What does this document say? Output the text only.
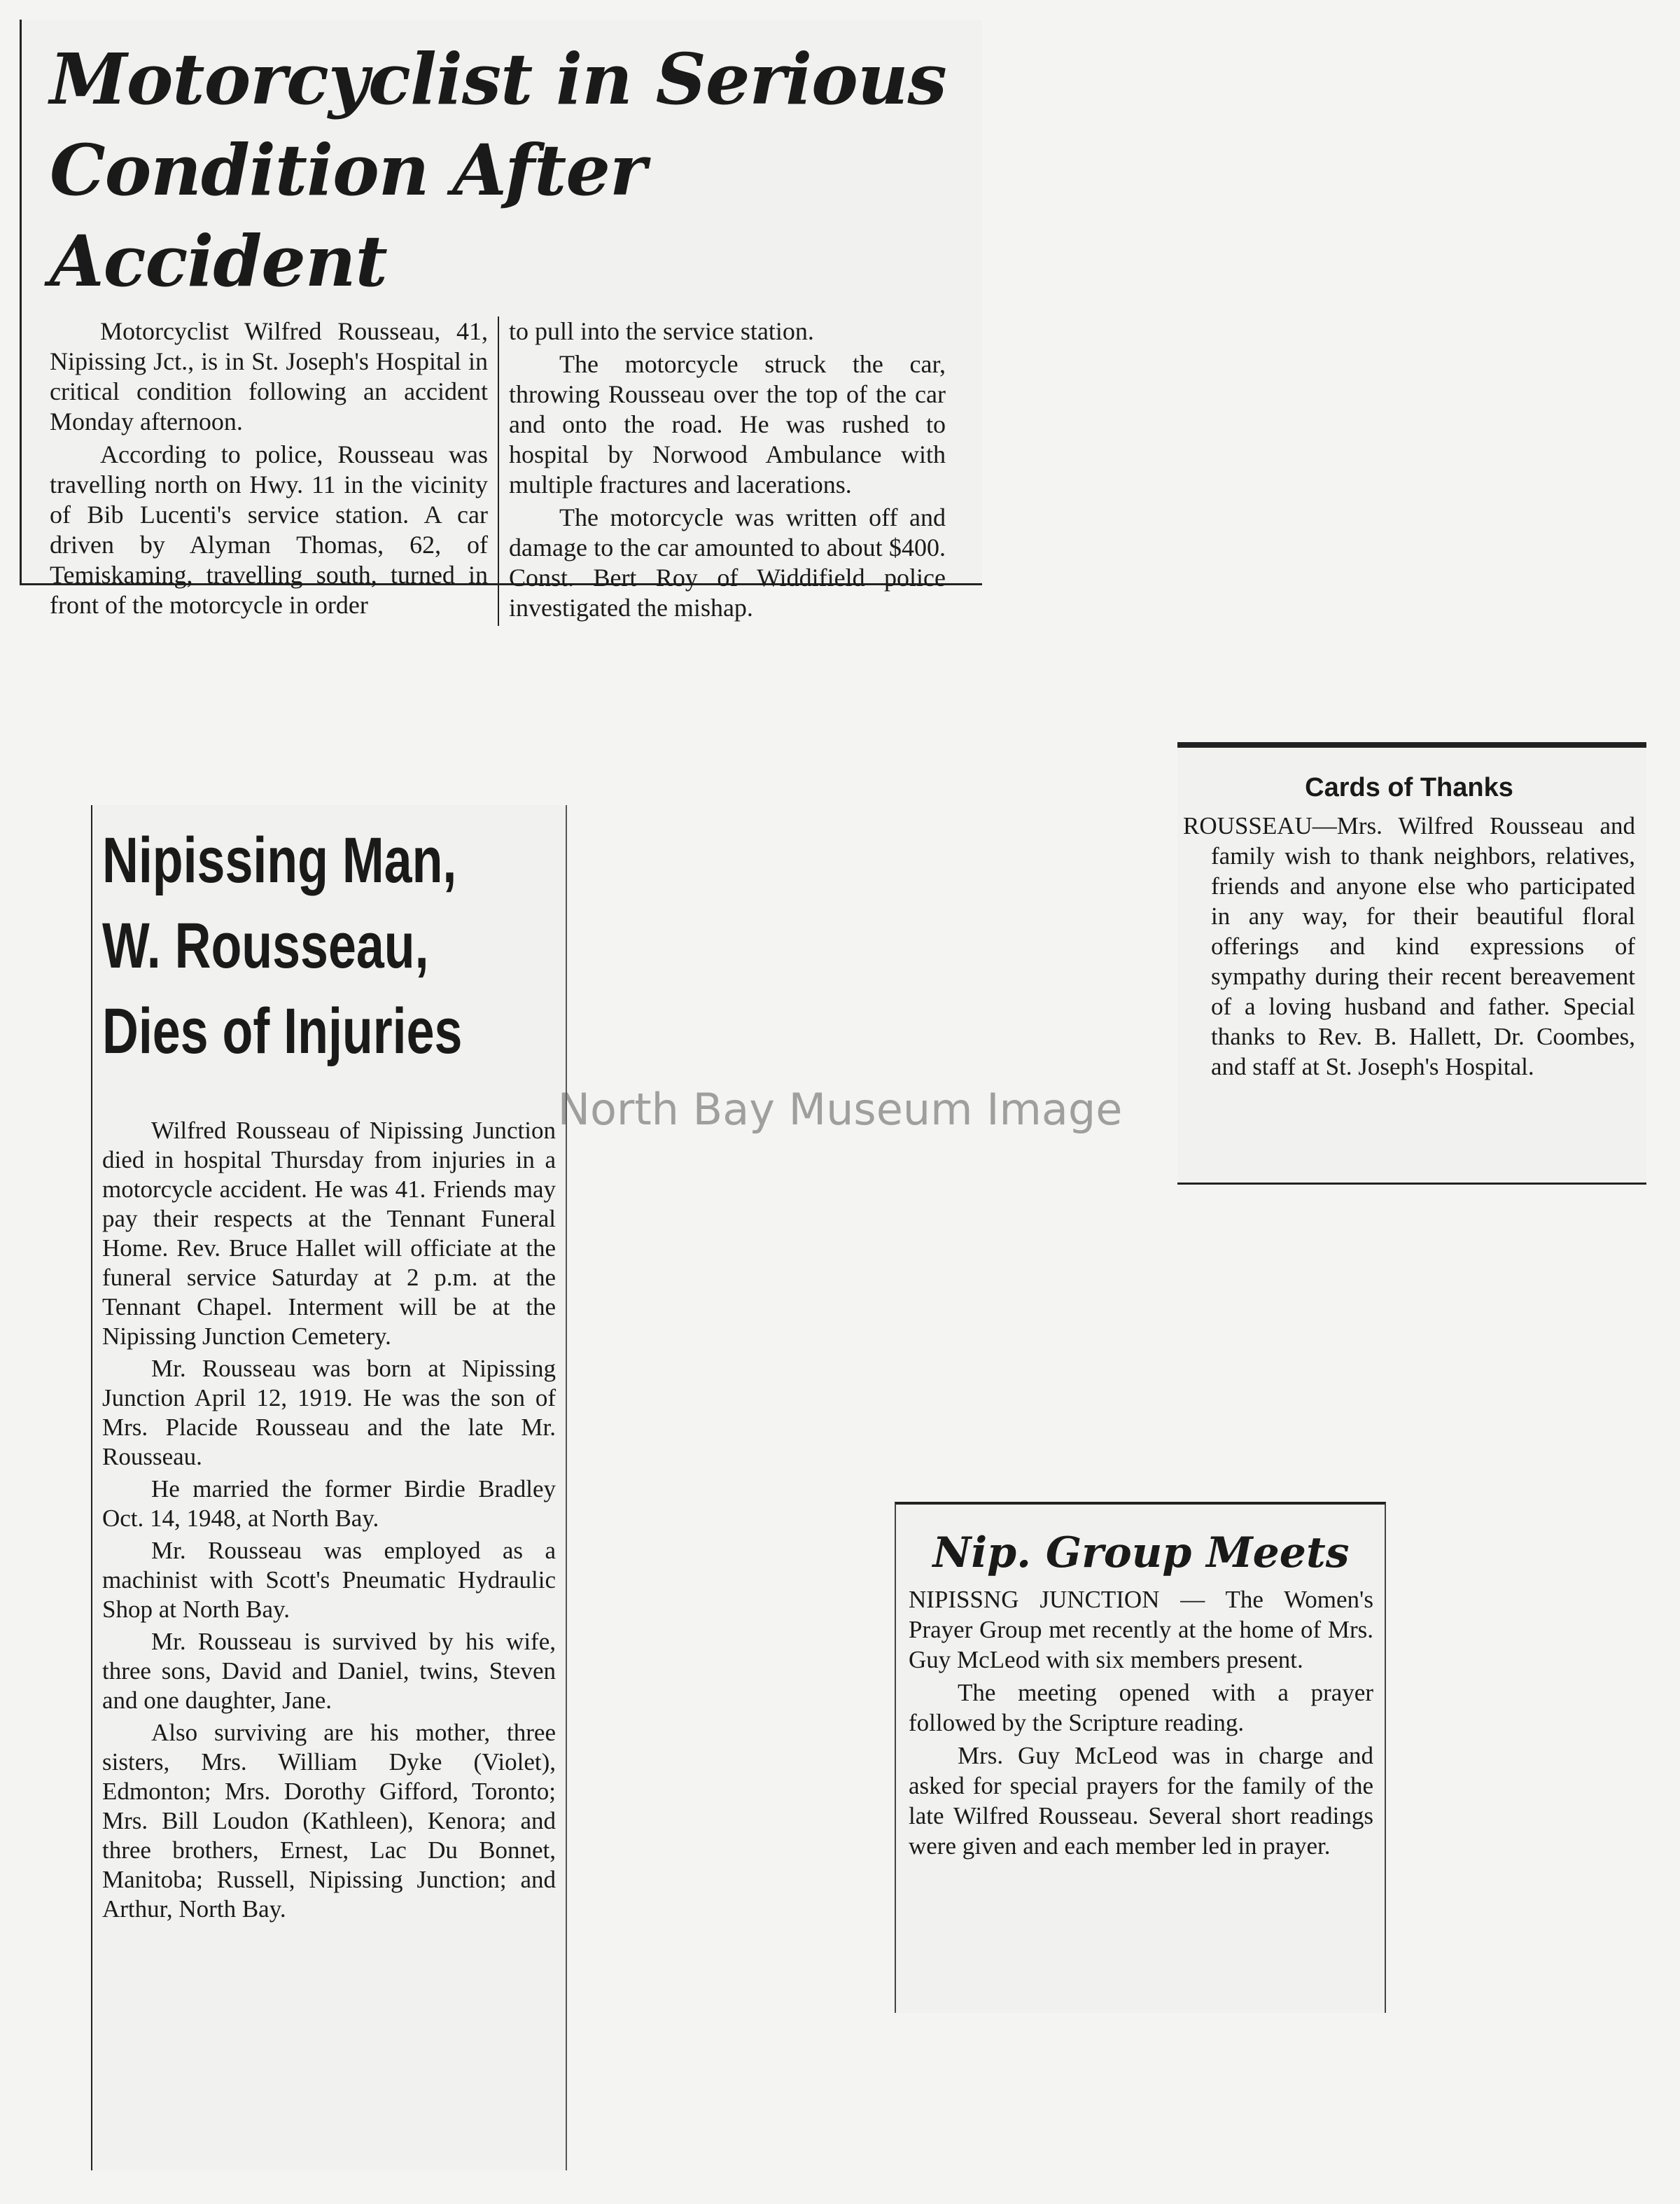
Motorcyclist in Serious
Condition After Accident

Motorcyclist Wilfred Rousseau, 41, Nipissing Jct., is in St. Joseph's Hospital in critical condition following an accident Monday afternoon.

According to police, Rousseau was travelling north on Hwy. 11 in the vicinity of Bib Lucenti's service station. A car driven by Alyman Thomas, 62, of Temiskaming, travelling south, turned in front of the motorcycle in order

to pull into the service station.

The motorcycle struck the car, throwing Rousseau over the top of the car and onto the road. He was rushed to hospital by Norwood Ambulance with multiple fractures and lacerations.

The motorcycle was written off and damage to the car amounted to about $400. Const. Bert Roy of Widdifield police investigated the mishap.

Nipissing Man,
W. Rousseau,
Dies of Injuries

Wilfred Rousseau of Nipissing Junction died in hospital Thursday from injuries in a motorcycle accident. He was 41. Friends may pay their respects at the Tennant Funeral Home. Rev. Bruce Hallet will officiate at the funeral service Saturday at 2 p.m. at the Tennant Chapel. Interment will be at the Nipissing Junction Cemetery.

Mr. Rousseau was born at Nipissing Junction April 12, 1919. He was the son of Mrs. Placide Rousseau and the late Mr. Rousseau.

He married the former Birdie Bradley Oct. 14, 1948, at North Bay.

Mr. Rousseau was employed as a machinist with Scott's Pneumatic Hydraulic Shop at North Bay.

Mr. Rousseau is survived by his wife, three sons, David and Daniel, twins, Steven and one daughter, Jane.

Also surviving are his mother, three sisters, Mrs. William Dyke (Violet), Edmonton; Mrs. Dorothy Gifford, Toronto; Mrs. Bill Loudon (Kathleen), Kenora; and three brothers, Ernest, Lac Du Bonnet, Manitoba; Russell, Nipissing Junction; and Arthur, North Bay.

Cards of Thanks
ROUSSEAU—Mrs. Wilfred Rousseau and family wish to thank neighbors, relatives, friends and anyone else who participated in any way, for their beautiful floral offerings and kind expressions of sympathy during their recent bereavement of a loving husband and father. Special thanks to Rev. B. Hallett, Dr. Coombes, and staff at St. Joseph's Hospital.
Nip. Group Meets

NIPISSNG JUNCTION — The Women's Prayer Group met recently at the home of Mrs. Guy McLeod with six members present.

The meeting opened with a prayer followed by the Scripture reading.

Mrs. Guy McLeod was in charge and asked for special prayers for the family of the late Wilfred Rousseau. Several short readings were given and each member led in prayer.

North Bay Museum Image
